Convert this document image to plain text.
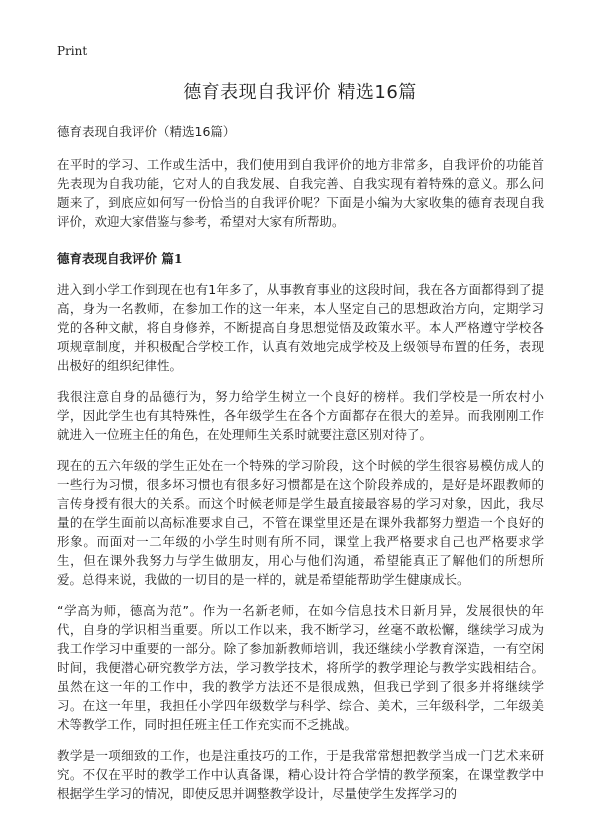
Print
德育表现自我评价 精选16篇

德育表现自我评价（精选16篇）

在平时的学习、工作或生活中，我们使用到自我评价的地方非常多，自我评价的功能首先表现为自我功能，它对人的自我发展、自我完善、自我实现有着特殊的意义。那么问题来了，到底应如何写一份恰当的自我评价呢？下面是小编为大家收集的德育表现自我评价，欢迎大家借鉴与参考，希望对大家有所帮助。

德育表现自我评价 篇1

进入到小学工作到现在也有1年多了，从事教育事业的这段时间，我在各方面都得到了提高，身为一名教师，在参加工作的这一年来，本人坚定自己的思想政治方向，定期学习党的各种文献，将自身修养，不断提高自身思想觉悟及政策水平。本人严格遵守学校各项规章制度，并积极配合学校工作，认真有效地完成学校及上级领导布置的任务，表现出极好的组织纪律性。

我很注意自身的品德行为，努力给学生树立一个良好的榜样。我们学校是一所农村小学，因此学生也有其特殊性，各年级学生在各个方面都存在很大的差异。而我刚刚工作就进入一位班主任的角色，在处理师生关系时就要注意区别对待了。

现在的五六年级的学生正处在一个特殊的学习阶段，这个时候的学生很容易模仿成人的一些行为习惯，很多坏习惯也有很多好习惯都是在这个阶段养成的，是好是坏跟教师的言传身授有很大的关系。而这个时候老师是学生最直接最容易的学习对象，因此，我尽量的在学生面前以高标准要求自己，不管在课堂里还是在课外我都努力塑造一个良好的形象。而面对一二年级的小学生时则有所不同，课堂上我严格要求自己也严格要求学生，但在课外我努力与学生做朋友，用心与他们沟通，希望能真正了解他们的所想所爱。总得来说，我做的一切目的是一样的，就是希望能帮助学生健康成长。

“学高为师，德高为范”。作为一名新老师，在如今信息技术日新月异，发展很快的年代，自身的学识相当重要。所以工作以来，我不断学习，丝毫不敢松懈，继续学习成为我工作学习中重要的一部分。除了参加新教师培训，我还继续小学教育深造，一有空闲时间，我便潜心研究教学方法，学习教学技术，将所学的教学理论与教学实践相结合。虽然在这一年的工作中，我的教学方法还不是很成熟，但我已学到了很多并将继续学习。在这一年里，我担任小学四年级数学与科学、综合、美术，三年级科学，二年级美术等教学工作，同时担任班主任工作充实而不乏挑战。

教学是一项细致的工作，也是注重技巧的工作，于是我常常想把教学当成一门艺术来研究。不仅在平时的教学工作中认真备课，精心设计符合学情的教学预案，在课堂教学中根据学生学习的情况，即使反思并调整教学设计，尽量使学生发挥学习的
